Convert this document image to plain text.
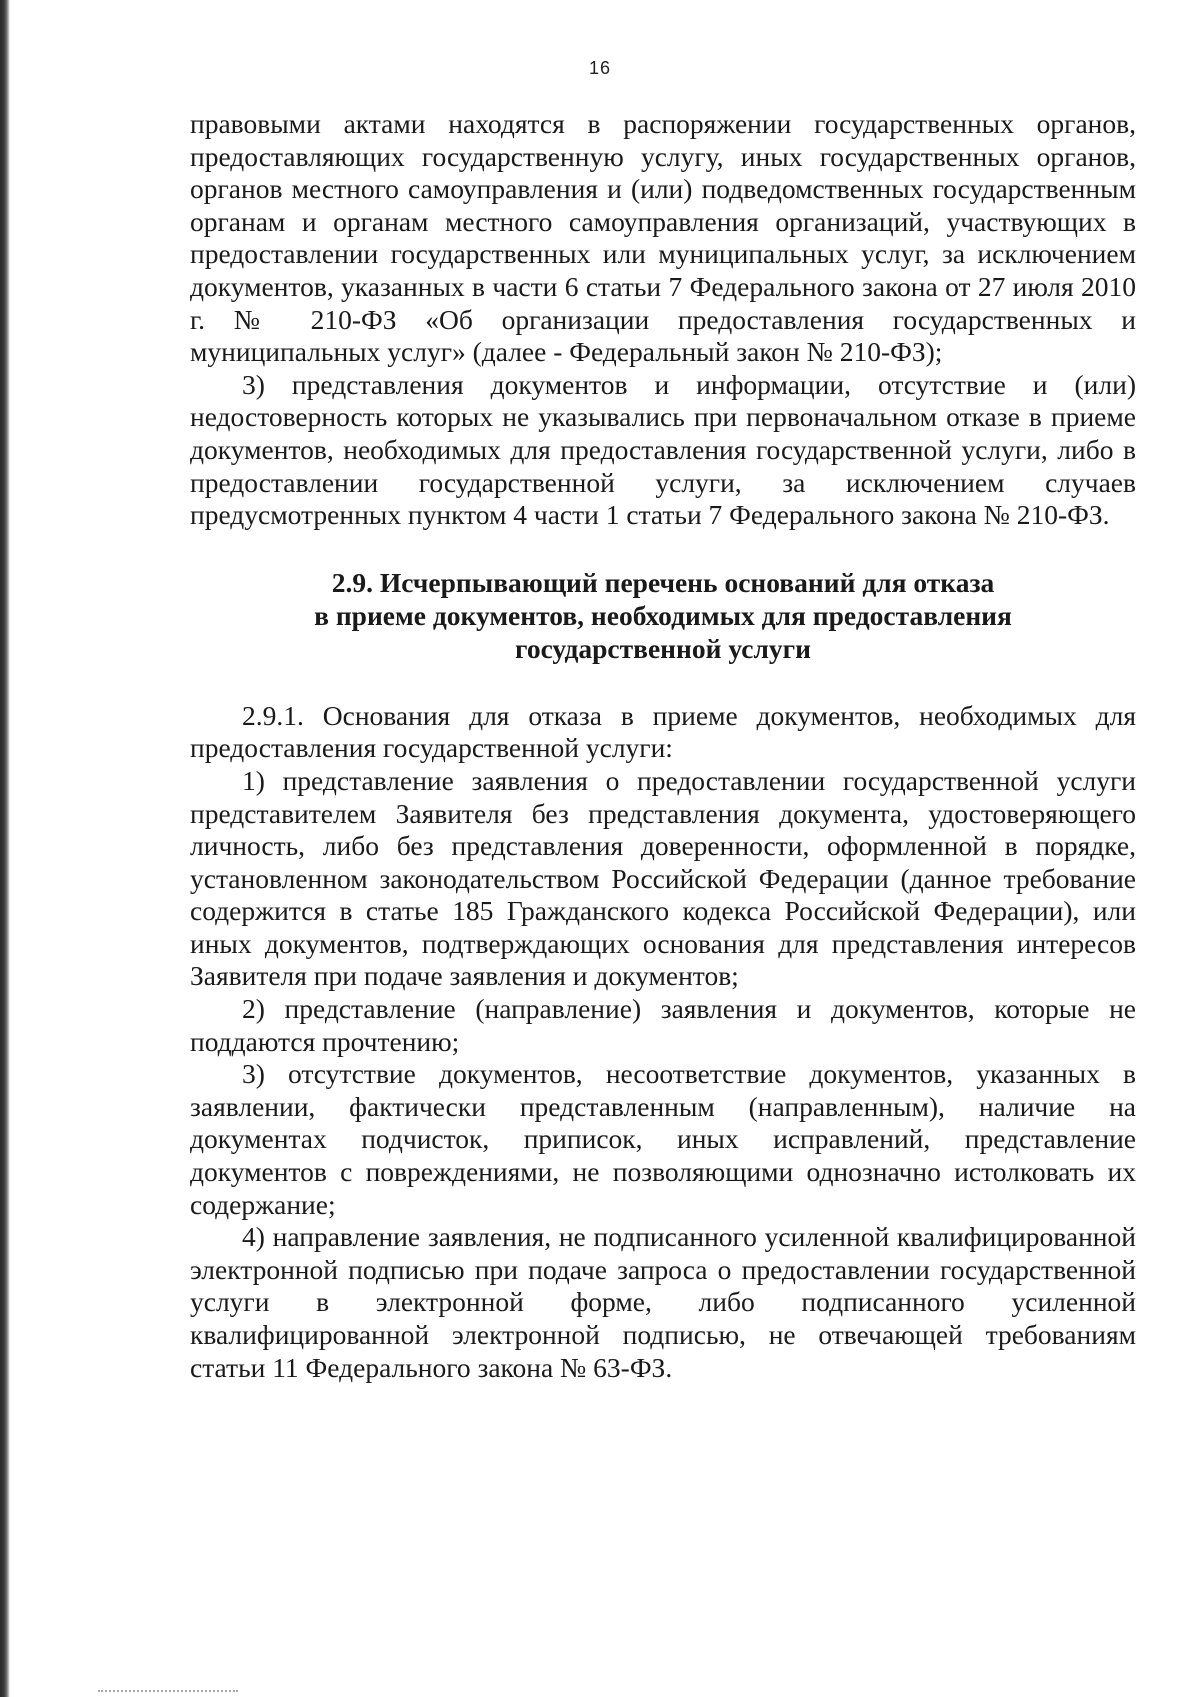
16

правовыми актами находятся в распоряжении государственных органов, предоставляющих государственную услугу, иных государственных органов, органов местного самоуправления и (или) подведомственных государственным органам и органам местного самоуправления организаций, участвующих в предоставлении государственных или муниципальных услуг, за исключением документов, указанных в части 6 статьи 7 Федерального закона от 27 июля 2010 г. № 210-ФЗ «Об организации предоставления государственных и муниципальных услуг» (далее - Федеральный закон № 210-ФЗ);

3) представления документов и информации, отсутствие и (или) недостоверность которых не указывались при первоначальном отказе в приеме документов, необходимых для предоставления государственной услуги, либо в предоставлении государственной услуги, за исключением случаев предусмотренных пунктом 4 части 1 статьи 7 Федерального закона № 210-ФЗ.

2.9. Исчерпывающий перечень оснований для отказа
в приеме документов, необходимых для предоставления
государственной услуги

2.9.1. Основания для отказа в приеме документов, необходимых для предоставления государственной услуги:

1) представление заявления о предоставлении государственной услуги представителем Заявителя без представления документа, удостоверяющего личность, либо без представления доверенности, оформленной в порядке, установленном законодательством Российской Федерации (данное требование содержится в статье 185 Гражданского кодекса Российской Федерации), или иных документов, подтверждающих основания для представления интересов Заявителя при подаче заявления и документов;

2) представление (направление) заявления и документов, которые не поддаются прочтению;

3) отсутствие документов, несоответствие документов, указанных в заявлении, фактически представленным (направленным), наличие на документах подчисток, приписок, иных исправлений, представление документов с повреждениями, не позволяющими однозначно истолковать их содержание;

4) направление заявления, не подписанного усиленной квалифицированной электронной подписью при подаче запроса о предоставлении государственной услуги в электронной форме, либо подписанного усиленной квалифицированной электронной подписью, не отвечающей требованиям статьи 11 Федерального закона № 63-ФЗ.
